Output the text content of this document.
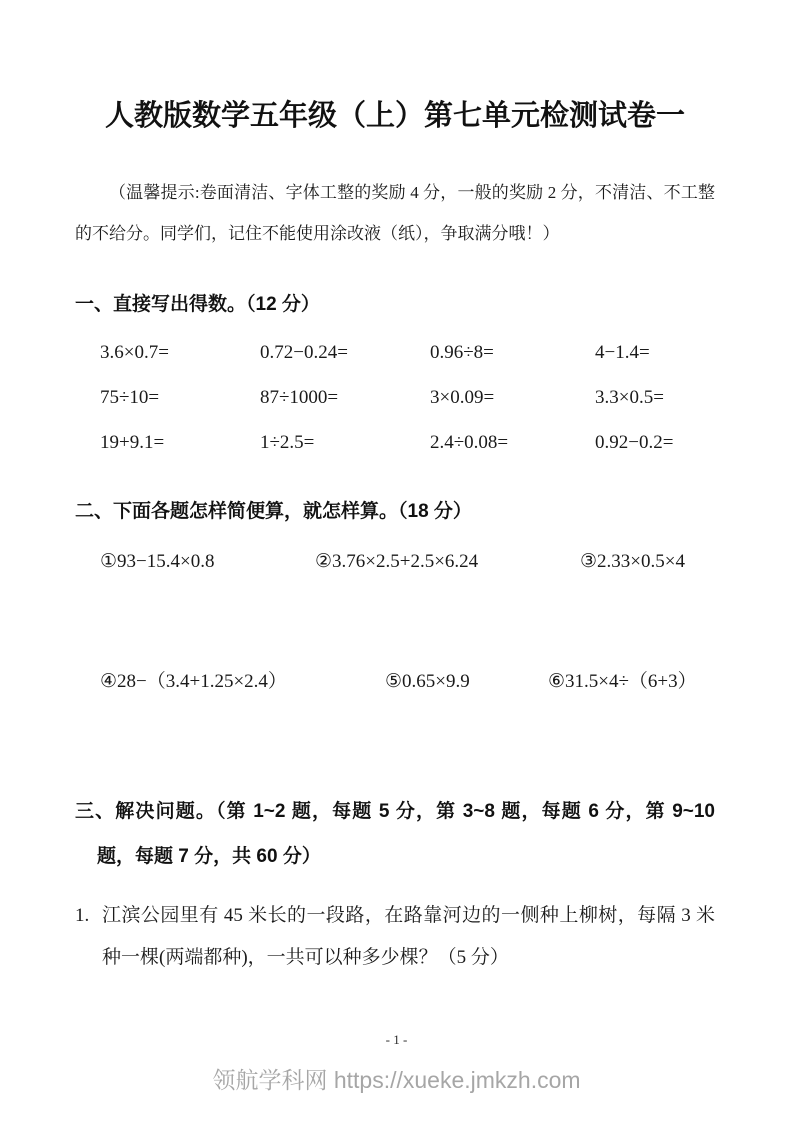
人教版数学五年级（上）第七单元检测试卷一

（温馨提示:卷面清洁、字体工整的奖励 4 分，一般的奖励 2 分，不清洁、不工整的不给分。同学们，记住不能使用涂改液（纸），争取满分哦！）

一、直接写出得数。（12 分）
3.6×0.7=	0.72−0.24=	0.96÷8=	4−1.4=
75÷10=	87÷1000=	3×0.09=	3.3×0.5=
19+9.1=	1÷2.5=	2.4÷0.08=	0.92−0.2=
二、下面各题怎样简便算，就怎样算。（18 分）
①93−15.4×0.8	②3.76×2.5+2.5×6.24	③2.33×0.5×4
④28−（3.4+1.25×2.4）	⑤0.65×9.9	⑥31.5×4÷（6+3）
三、解决问题。（第 1~2 题，每题 5 分，第 3~8 题，每题 6 分，第 9~10 题，每题 7 分，共 60 分）
1. 江滨公园里有 45 米长的一段路，在路靠河边的一侧种上柳树，每隔 3 米种一棵(两端都种)，一共可以种多少棵？（5 分）
- 1 -
领航学科网 https://xueke.jmkzh.com
